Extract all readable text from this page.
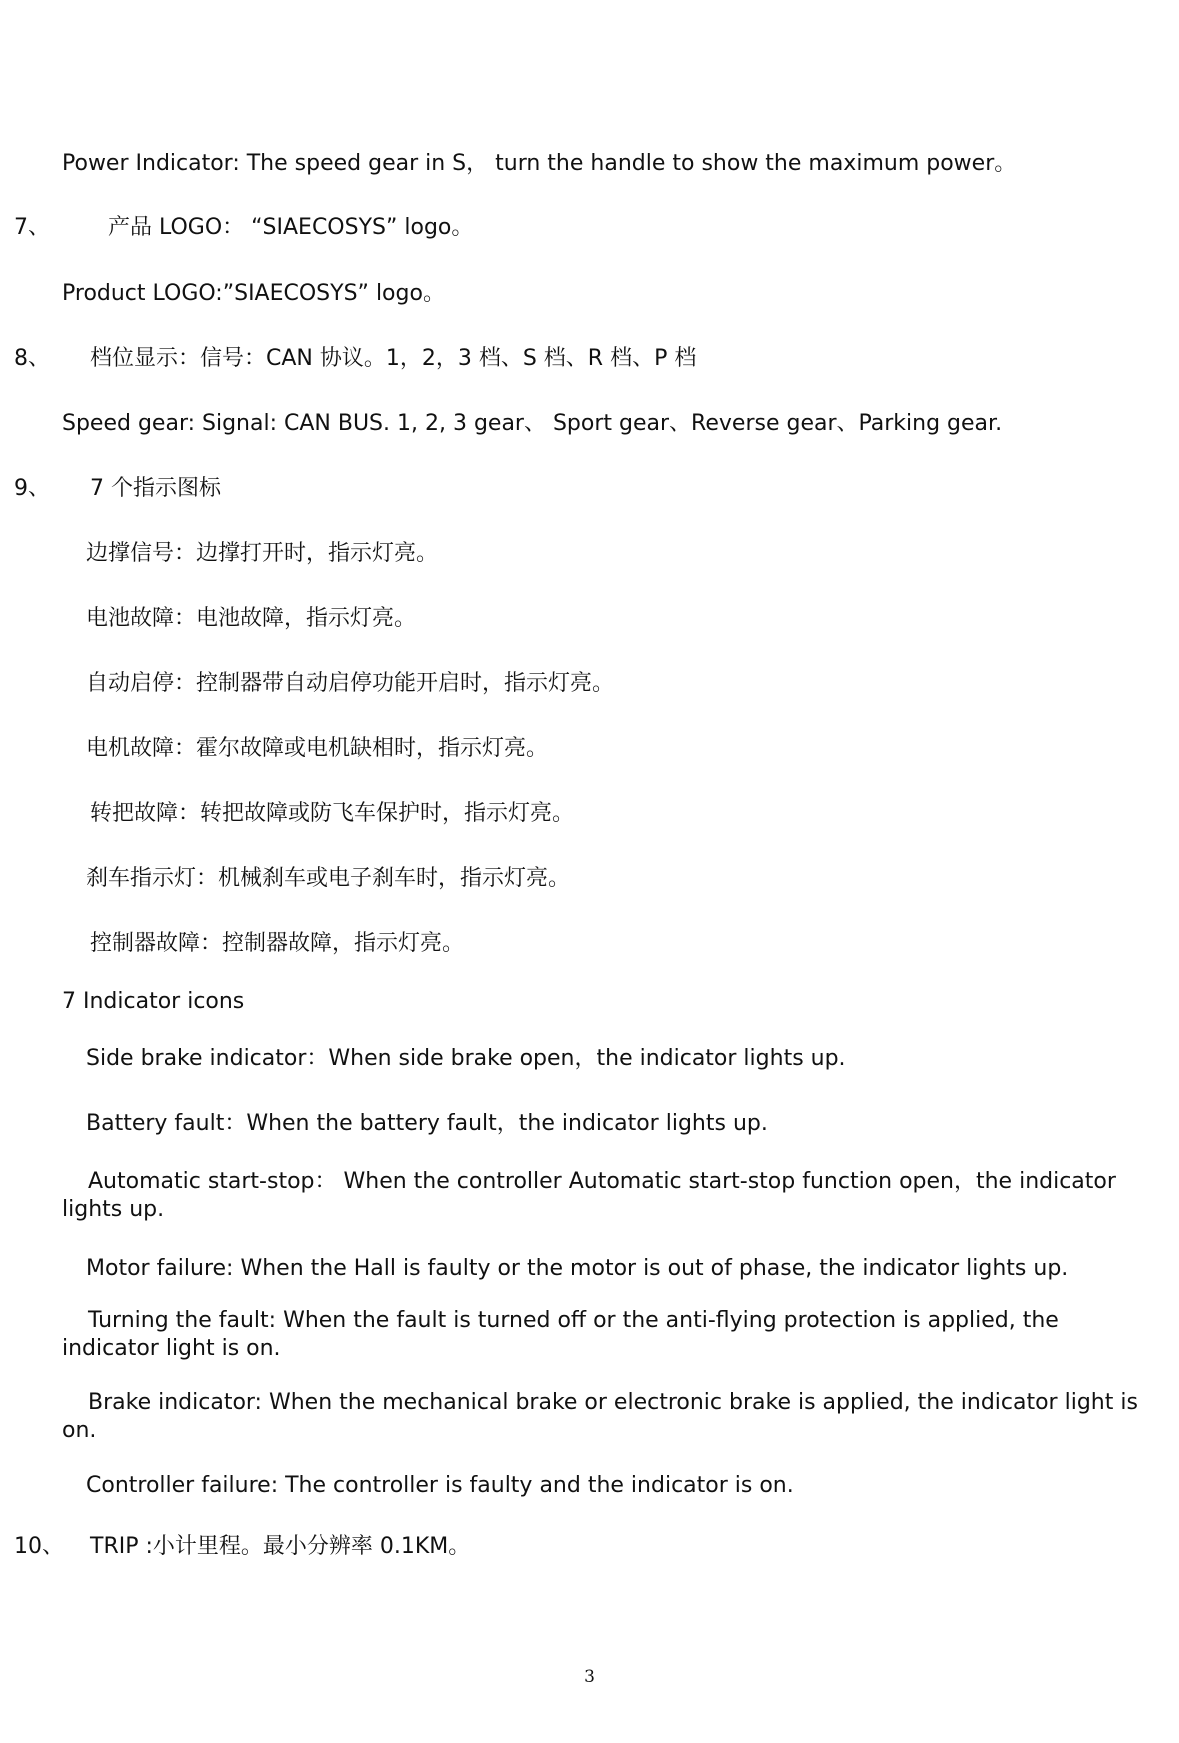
Power Indicator: The speed gear in S， turn the handle to show the maximum power。
7、	产品 LOGO： “SIAECOSYS” logo。
Product LOGO:”SIAECOSYS” logo。
8、 档位显示：信号：CAN 协议。1，2，3 档、S 档、R 档、P 档
Speed gear: Signal: CAN BUS. 1, 2, 3 gear、 Sport gear、Reverse gear、Parking gear.
9、 7 个指示图标
边撑信号：边撑打开时，指示灯亮。
电池故障：电池故障，指示灯亮。
自动启停：控制器带自动启停功能开启时，指示灯亮。
电机故障：霍尔故障或电机缺相时，指示灯亮。
转把故障：转把故障或防飞车保护时，指示灯亮。
刹车指示灯：机械刹车或电子刹车时，指示灯亮。
控制器故障：控制器故障，指示灯亮。
7 Indicator icons
Side brake indicator：When side brake open，the indicator lights up.
Battery fault：When the battery fault，the indicator lights up.
Automatic start-stop： When the controller Automatic start-stop function open，the indicator lights up.
Motor failure: When the Hall is faulty or the motor is out of phase, the indicator lights up.
Turning the fault: When the fault is turned off or the anti-flying protection is applied, the indicator light is on.
Brake indicator: When the mechanical brake or electronic brake is applied, the indicator light is on.
Controller failure: The controller is faulty and the indicator is on.
10、 TRIP :小计里程。最小分辨率 0.1KM。
3
